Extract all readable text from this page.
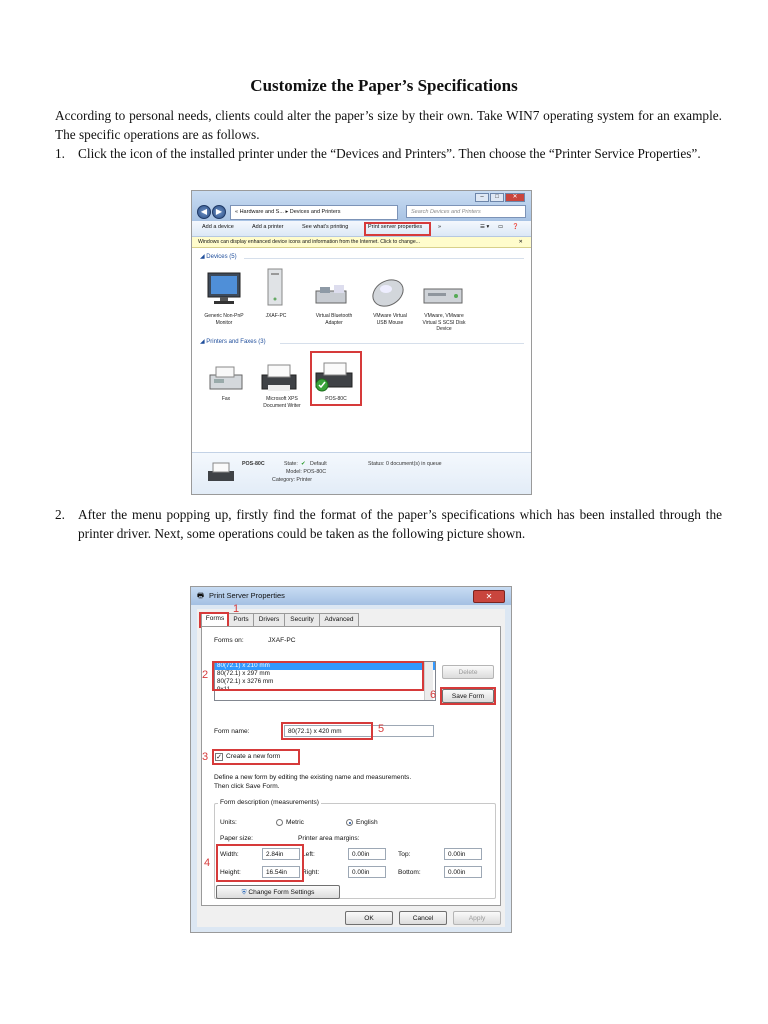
Customize the Paper’s Specifications
According to personal needs, clients could alter the paper’s size by their own. Take WIN7 operating system for an example. The specific operations are as follows.
1. Click the icon of the installed printer under the “Devices and Printers”. Then choose the “Printer Service Properties”.
–	□	✕
◀	▶	« Hardware and S... ▸ Devices and Printers	Search Devices and Printers
Add a device	Add a printer	See what's printing	Print server properties	»	☰ ▾ ▭ ❓
Windows can display enhanced device icons and information from the Internet. Click to change...	✕
◢ Devices (5)
Generic Non-PnP Monitor
JXAF-PC	Virtual Bluetooth Adapter
VMware Virtual USB Mouse
VMware, VMware Virtual S SCSI Disk Device
◢ Printers and Faxes (3)
Fax	Microsoft XPS Document Writer
POS-80C
POS-80C	State: ✔ Default
Model: POS-80C
Category: Printer
Status: 0 document(s) in queue
2. After the menu popping up, firstly find the format of the paper’s specifications which has been installed through the printer driver. Next, some operations could be taken as the following picture shown.
🖶 Print Server Properties	✕
Forms	Ports	Drivers	Security	Advanced
1
Forms on:	JXAF-PC
80(72.1) x 210 mm
80(72.1) x 297 mm
80(72.1) x 3276 mm
9x11
2	Delete
Save Form
6
Form name:	80(72.1) x 420 mm	5
✓ Create a new form
3
Define a new form by editing the existing name and measurements. Then click Save Form.
Form description (measurements)
Units:	Metric	English
Paper size:	Printer area margins:
Width:	2.84in	Left:	0.00in	Top:	0.00in
Height:	16.54in	Right:	0.00in	Bottom:	0.00in
4
⛨ Change Form Settings
OK	Cancel	Apply
